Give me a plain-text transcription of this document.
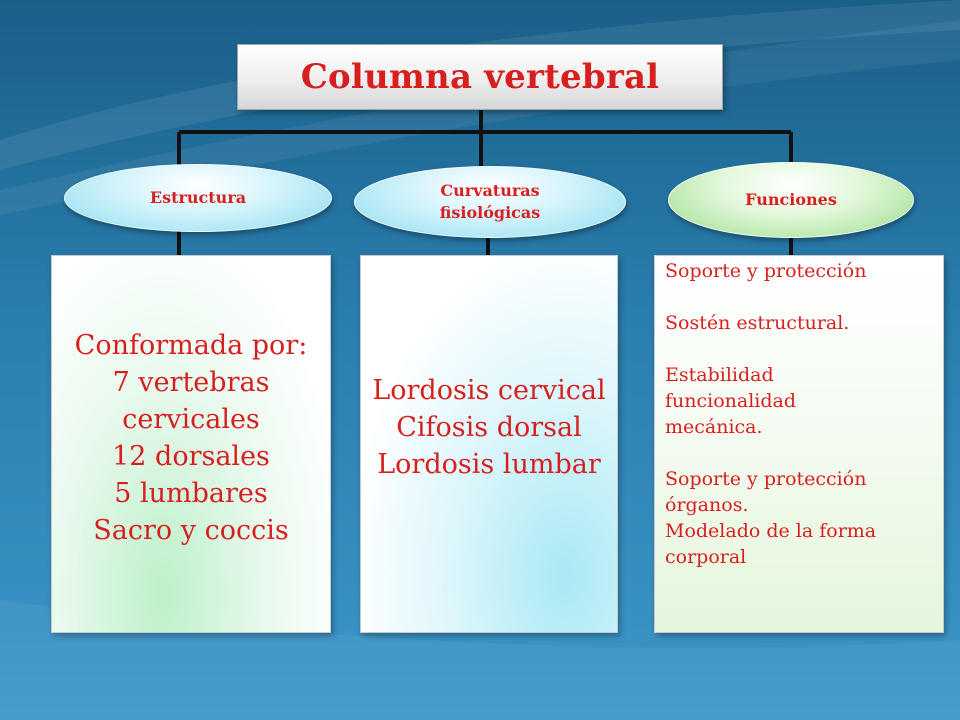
Columna vertebral
Estructura	Curvaturas
fisiológicas
Funciones
Conformada por:
7 vertebras
cervicales
12 dorsales
5 lumbares
Sacro y coccis
Lordosis cervical
Cifosis dorsal
Lordosis lumbar
Soporte y protección
Sostén estructural.
Estabilidad
funcionalidad
mecánica.
Soporte y protección
órganos.
Modelado de la forma
corporal
